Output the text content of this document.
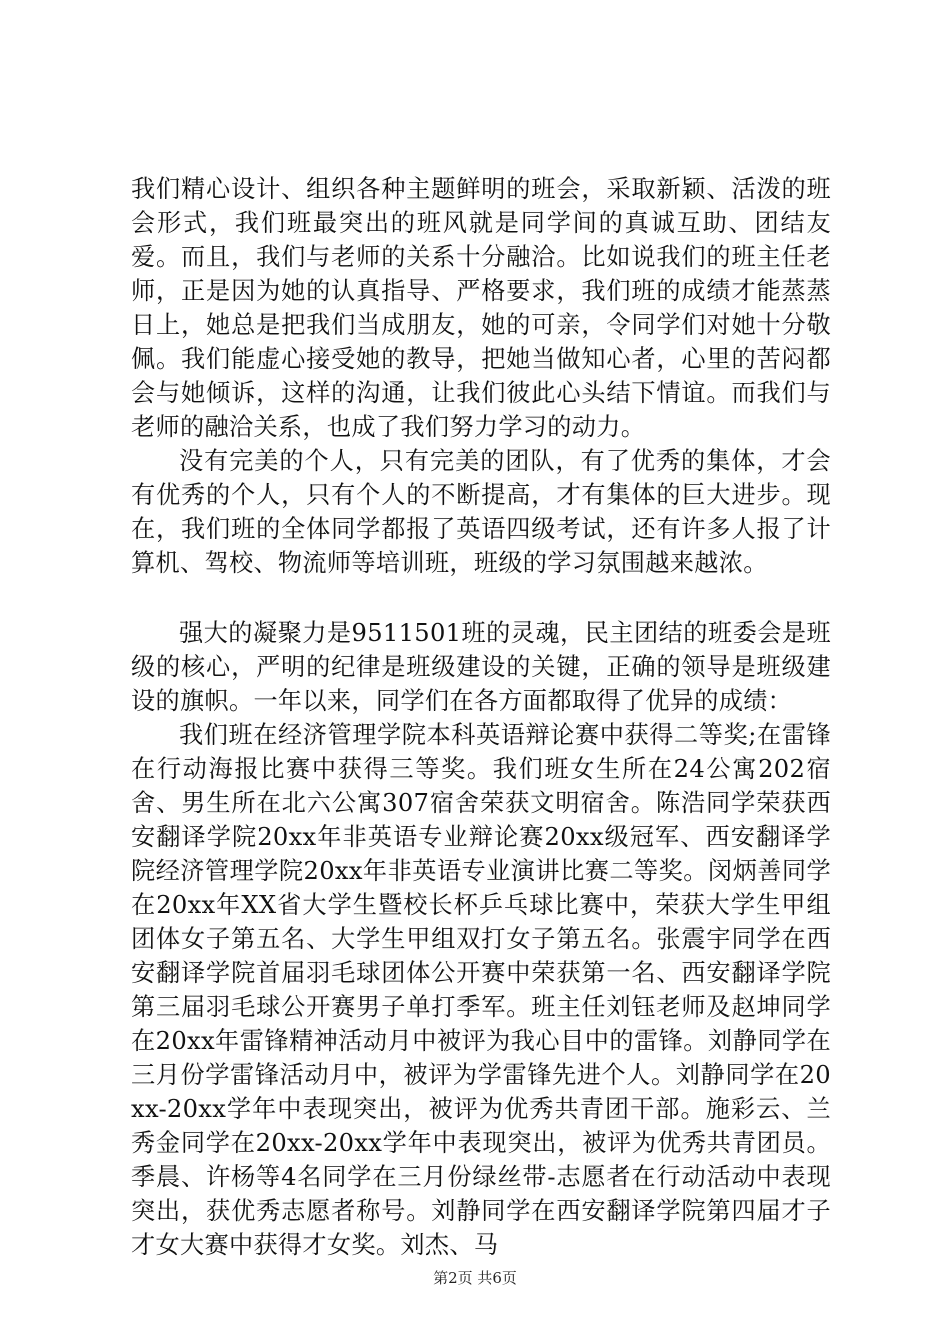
我们精心设计、组织各种主题鲜明的班会，采取新颖、活泼的班会形式，我们班最突出的班风就是同学间的真诚互助、团结友爱。而且，我们与老师的关系十分融洽。比如说我们的班主任老师，正是因为她的认真指导、严格要求，我们班的成绩才能蒸蒸日上，她总是把我们当成朋友，她的可亲，令同学们对她十分敬佩。我们能虚心接受她的教导，把她当做知心者，心里的苦闷都会与她倾诉，这样的沟通，让我们彼此心头结下情谊。而我们与老师的融洽关系，也成了我们努力学习的动力。

没有完美的个人，只有完美的团队，有了优秀的集体，才会有优秀的个人，只有个人的不断提高，才有集体的巨大进步。现在，我们班的全体同学都报了英语四级考试，还有许多人报了计算机、驾校、物流师等培训班，班级的学习氛围越来越浓。

强大的凝聚力是9511501班的灵魂，民主团结的班委会是班级的核心，严明的纪律是班级建设的关键，正确的领导是班级建设的旗帜。一年以来，同学们在各方面都取得了优异的成绩：

我们班在经济管理学院本科英语辩论赛中获得二等奖;在雷锋在行动海报比赛中获得三等奖。我们班女生所在24公寓202宿舍、男生所在北六公寓307宿舍荣获文明宿舍。陈浩同学荣获西安翻译学院20xx年非英语专业辩论赛20xx级冠军、西安翻译学院经济管理学院20xx年非英语专业演讲比赛二等奖。闵炳善同学在20xx年XX省大学生暨校长杯乒乓球比赛中，荣获大学生甲组团体女子第五名、大学生甲组双打女子第五名。张震宇同学在西安翻译学院首届羽毛球团体公开赛中荣获第一名、西安翻译学院第三届羽毛球公开赛男子单打季军。班主任刘钰老师及赵坤同学在20xx年雷锋精神活动月中被评为我心目中的雷锋。刘静同学在三月份学雷锋活动月中，被评为学雷锋先进个人。刘静同学在20xx-20xx学年中表现突出，被评为优秀共青团干部。施彩云、兰秀金同学在20xx-20xx学年中表现突出，被评为优秀共青团员。季晨、许杨等4名同学在三月份绿丝带-志愿者在行动活动中表现突出，获优秀志愿者称号。刘静同学在西安翻译学院第四届才子才女大赛中获得才女奖。刘杰、马

第2页 共6页
